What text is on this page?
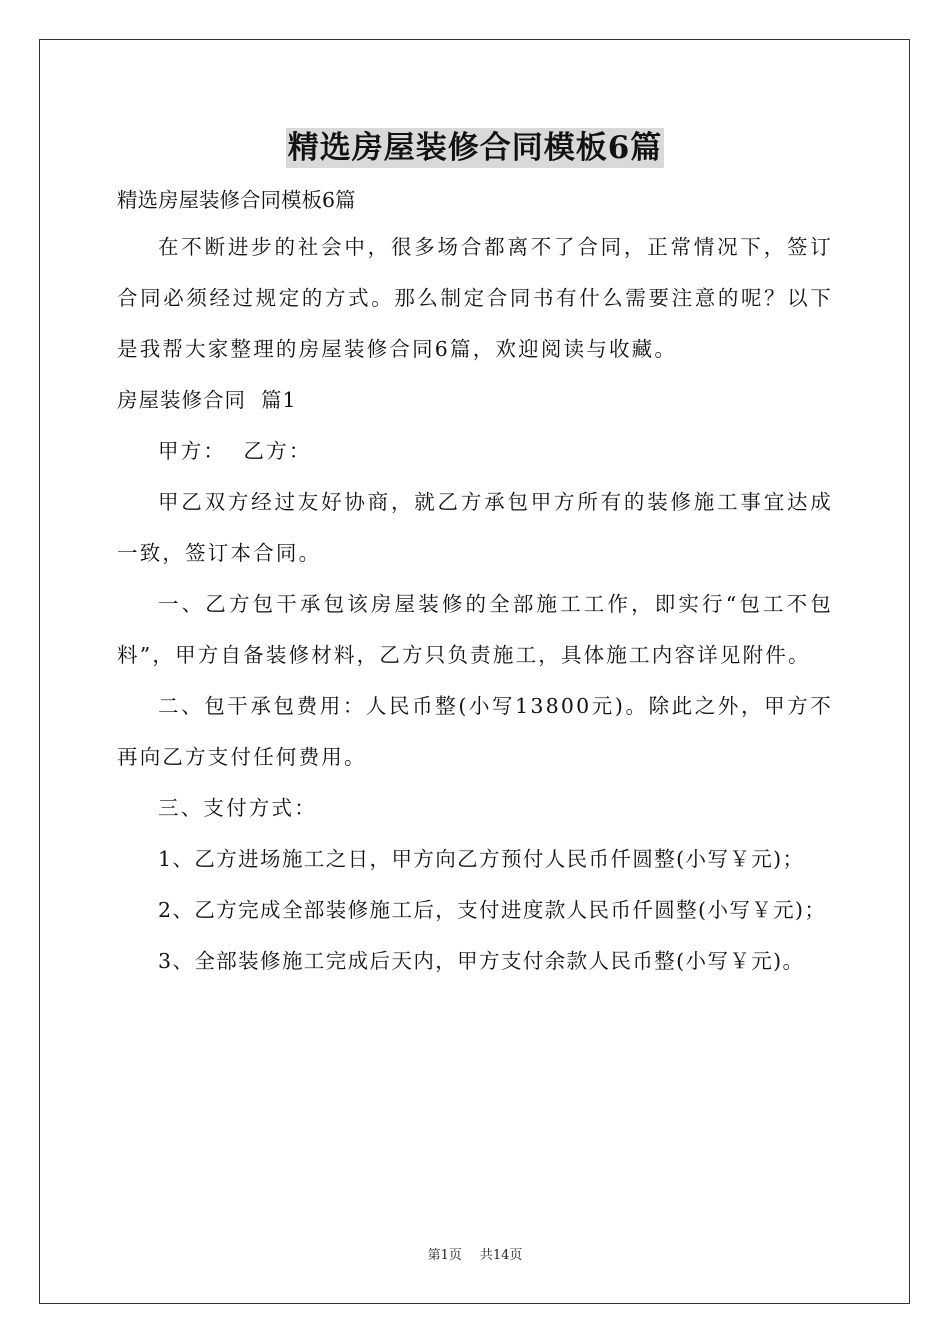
精选房屋装修合同模板6篇

精选房屋装修合同模板6篇

在不断进步的社会中，很多场合都离不了合同，正常情况下，签订合同必须经过规定的方式。那么制定合同书有什么需要注意的呢？以下是我帮大家整理的房屋装修合同6篇，欢迎阅读与收藏。

房屋装修合同  篇1

甲方：  乙方：

甲乙双方经过友好协商，就乙方承包甲方所有的装修施工事宜达成一致，签订本合同。

一、乙方包干承包该房屋装修的全部施工工作，即实行“包工不包料”，甲方自备装修材料，乙方只负责施工，具体施工内容详见附件。

二、包干承包费用：人民币整(小写13800元)。除此之外，甲方不再向乙方支付任何费用。

三、支付方式：

1、乙方进场施工之日，甲方向乙方预付人民币仟圆整(小写￥元)；

2、乙方完成全部装修施工后，支付进度款人民币仟圆整(小写￥元)；

3、全部装修施工完成后天内，甲方支付余款人民币整(小写￥元)。

第1页 共14页
